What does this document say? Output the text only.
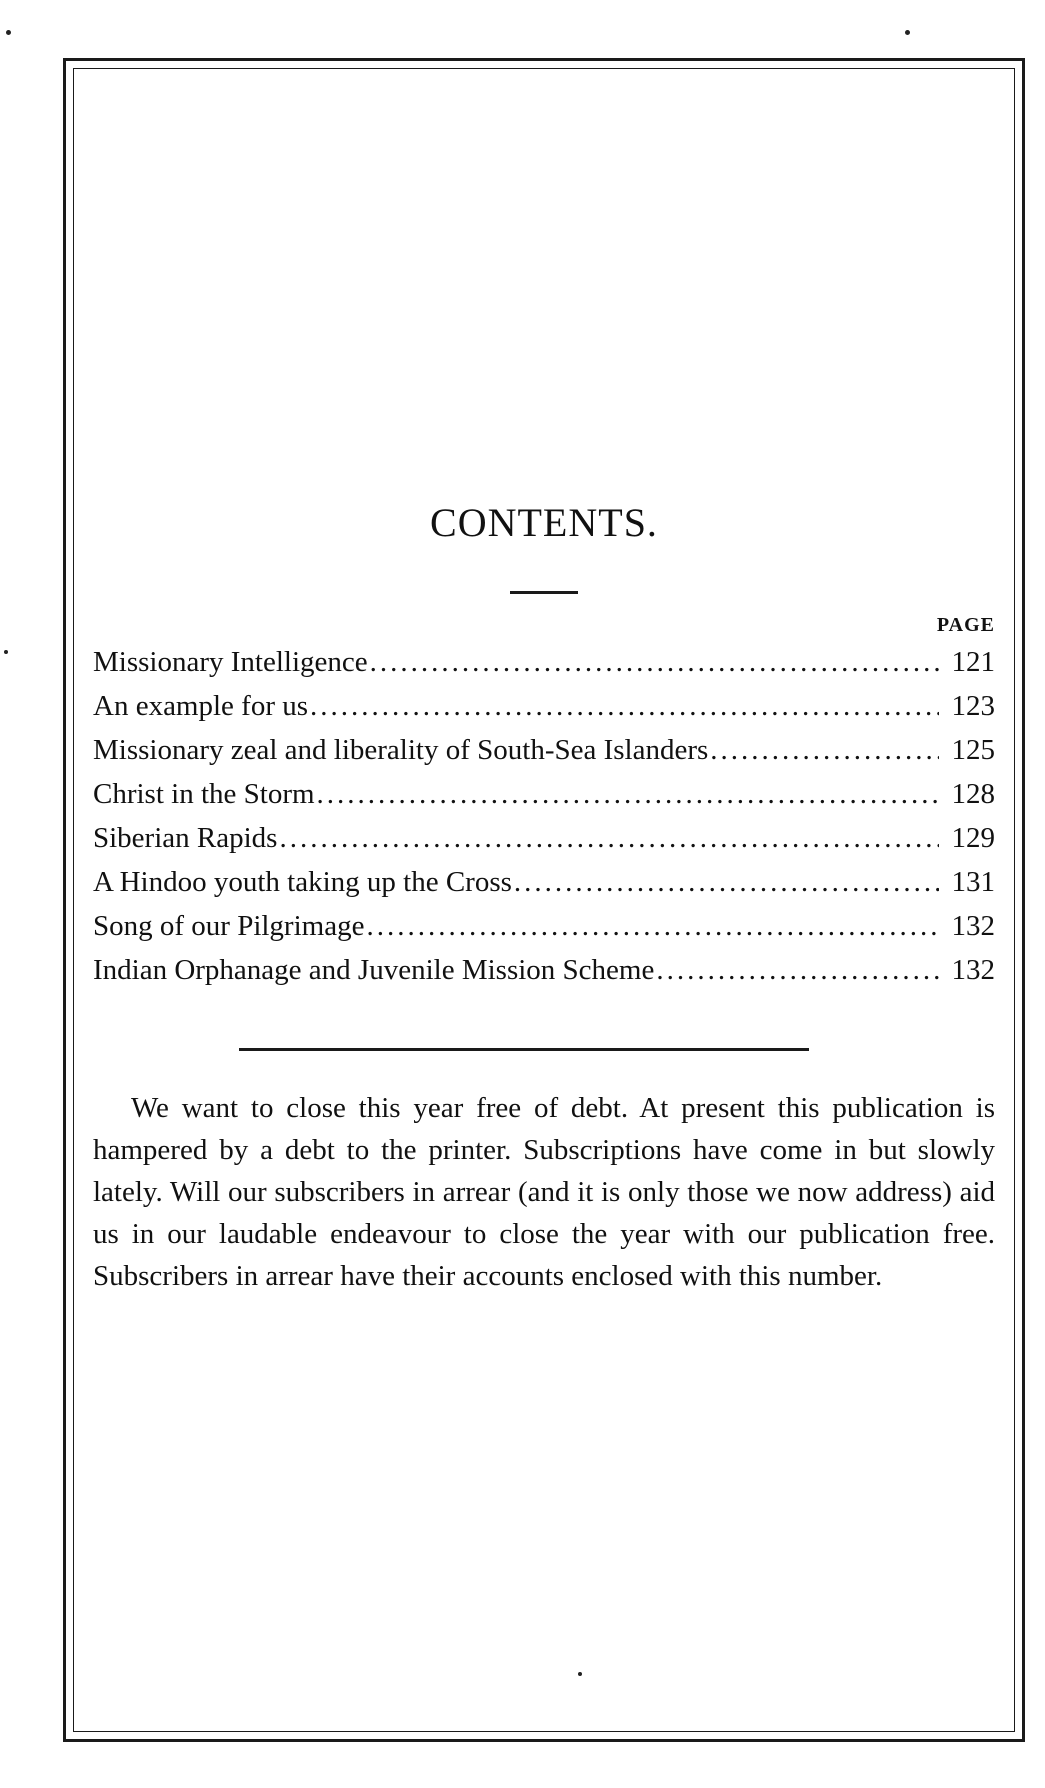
CONTENTS.
PAGE
Missionary Intelligence .....	121
An example for us .....	123
Missionary zeal and liberality of South-Sea Islanders .....	125
Christ in the Storm .....	128
Siberian Rapids .....	129
A Hindoo youth taking up the Cross .....	131
Song of our Pilgrimage .....	132
Indian Orphanage and Juvenile Mission Scheme .....	132

We want to close this year free of debt. At present this publication is hampered by a debt to the printer. Subscriptions have come in but slowly lately. Will our subscribers in arrear (and it is only those we now address) aid us in our laudable endeavour to close the year with our publication free. Subscribers in arrear have their accounts enclosed with this number.
